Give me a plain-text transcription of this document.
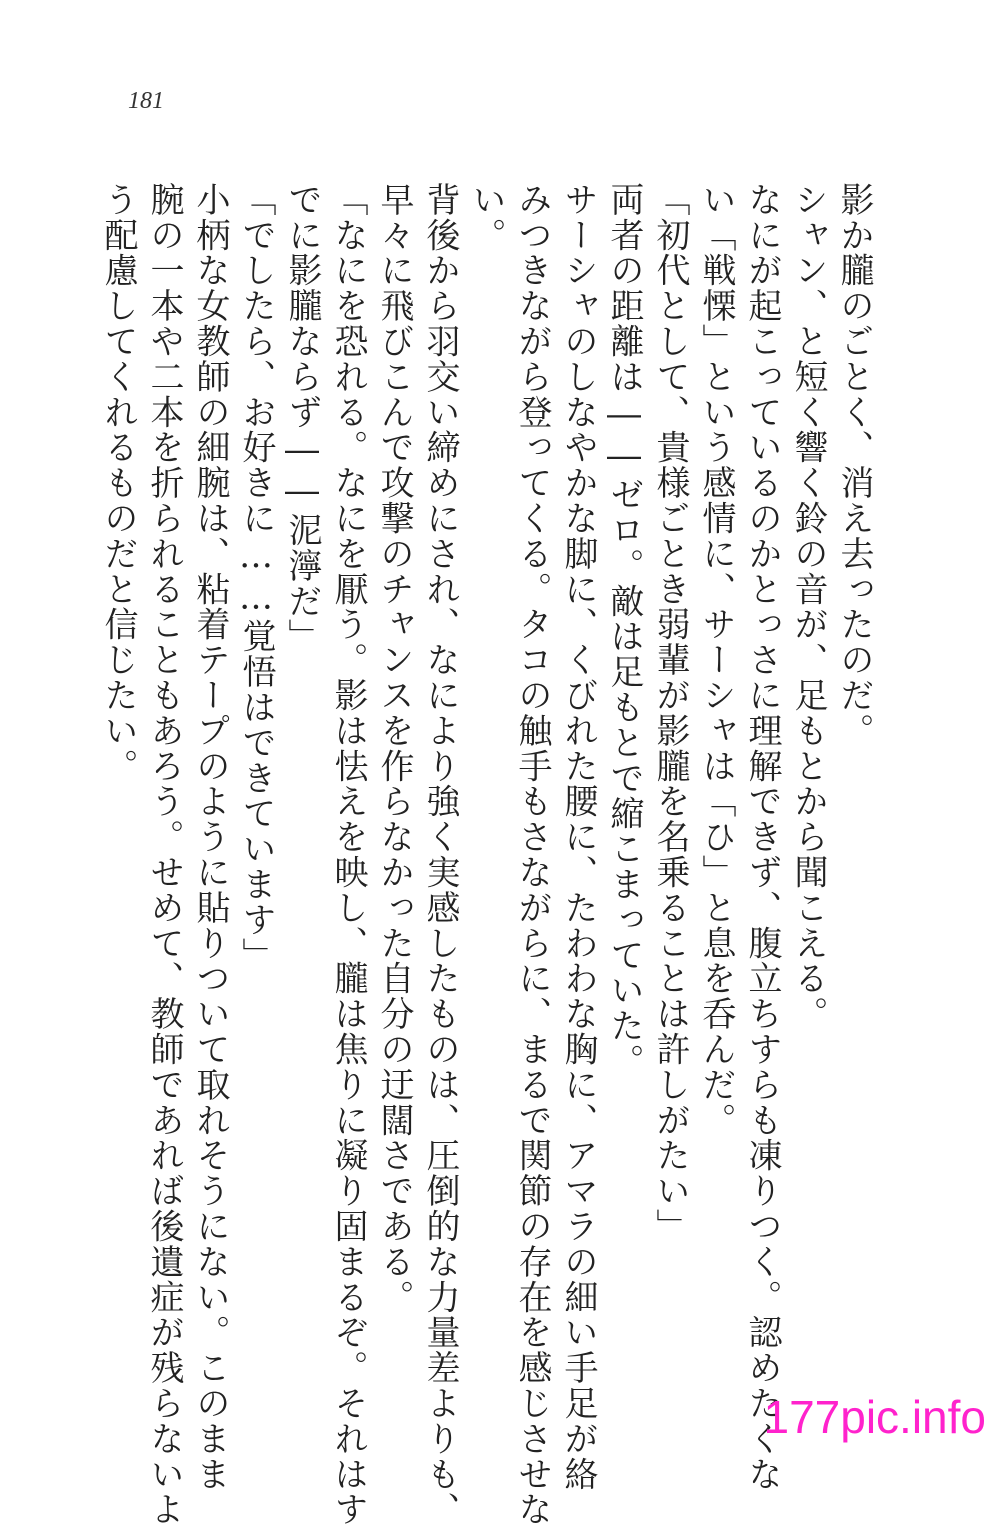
181
影か朧のごとく、消え去ったのだ。
シャン、と短く響く鈴の音が、足もとから聞こえる。
なにが起こっているのかとっさに理解できず、腹立ちすらも凍りつく。認めたくな
い「戦慄」という感情に、サーシャは「ひ」と息を呑んだ。
「初代として、貴様ごとき弱輩が影朧を名乗ることは許しがたい」
両者の距離は――ゼロ。敵は足もとで縮こまっていた。
サーシャのしなやかな脚に、くびれた腰に、たわわな胸に、アマラの細い手足が絡
みつきながら登ってくる。タコの触手もさながらに、まるで関節の存在を感じさせな
い。
背後から羽交い締めにされ、なにより強く実感したものは、圧倒的な力量差よりも、
早々に飛びこんで攻撃のチャンスを作らなかった自分の迂闊さである。
「なにを恐れる。なにを厭う。影は怯えを映し、朧は焦りに凝り固まるぞ。それはす
でに影朧ならず――泥濘だ」
「でしたら、お好きに……覚悟はできています」
小柄な女教師の細腕は、粘着テープのように貼りついて取れそうにない。このまま
腕の一本や二本を折られることもあろう。せめて、教師であれば後遺症が残らないよ
う配慮してくれるものだと信じたい。
177pic.info
